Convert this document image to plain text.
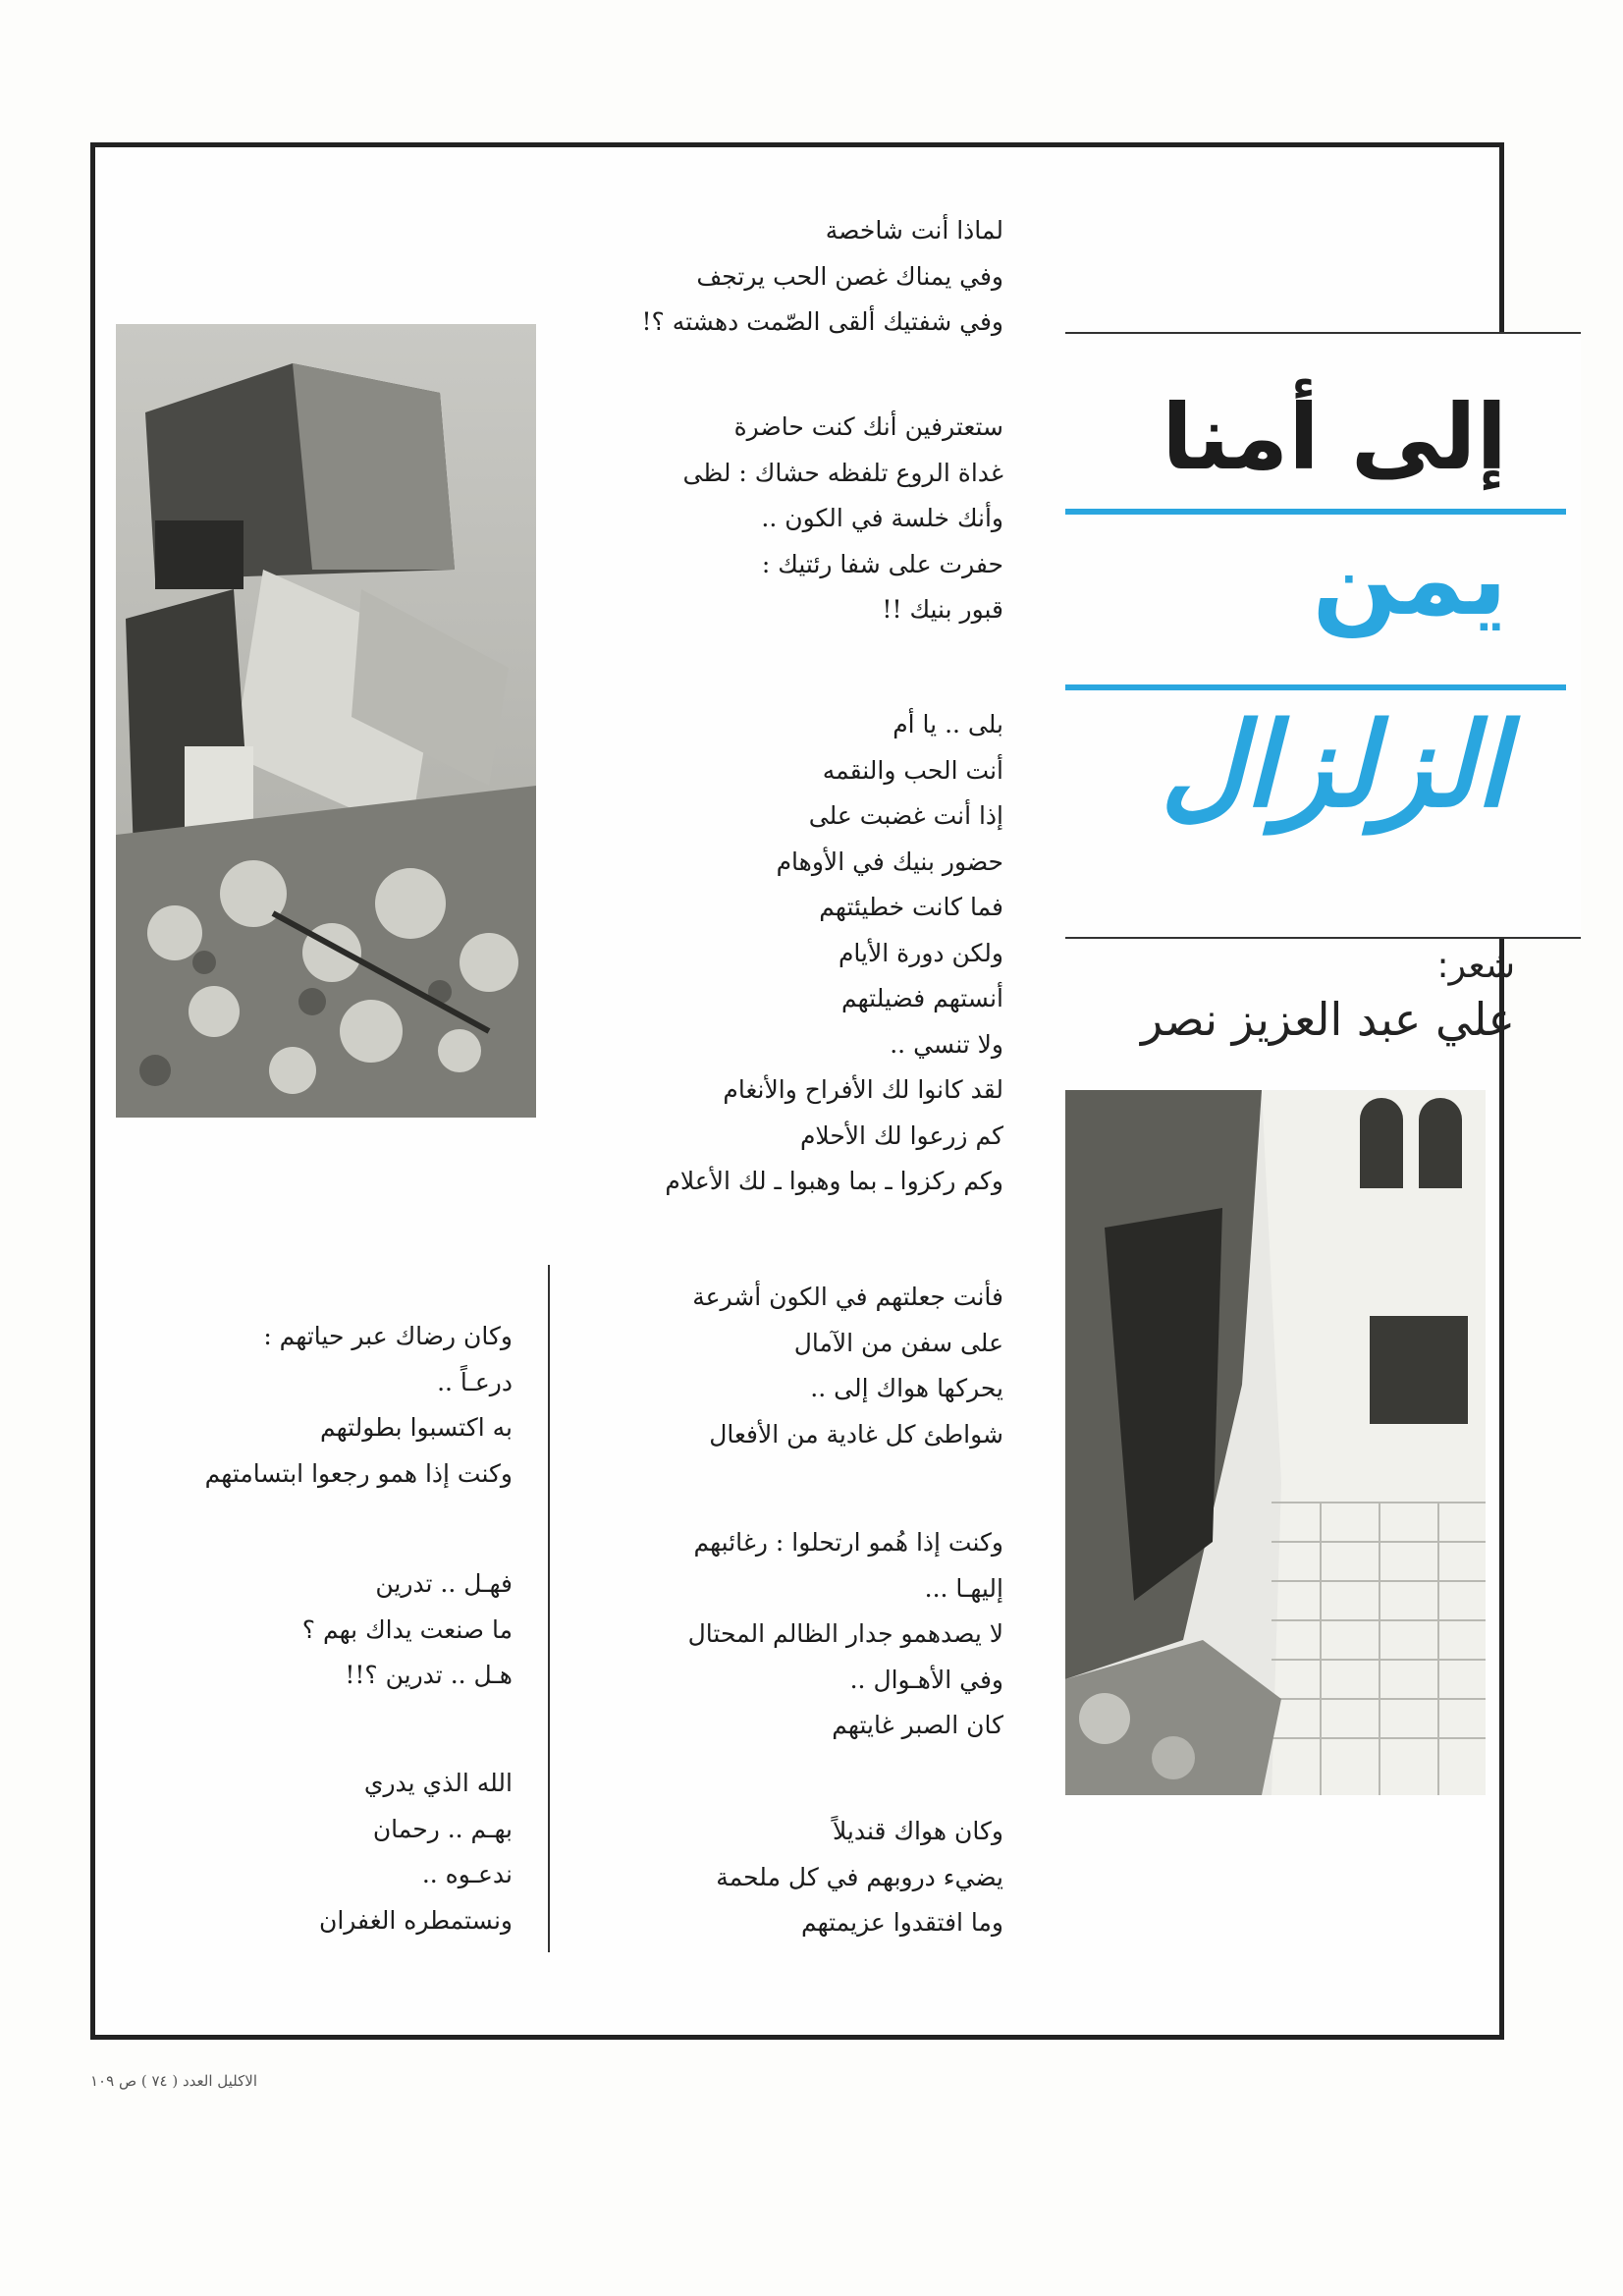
إلى أمنا
يمن
الزلزال
شعر:
علي عبد العزيز نصر
لماذا أنت شاخصة
وفي يمناك غصن الحب يرتجف
وفي شفتيك ألقى الصّمت دهشته ؟!
ستعترفين أنك كنت حاضرة
غداة الروع تلفظه حشاك : لظى
وأنك خلسة في الكون ..
حفرت على شفا رئتيك :
قبور بنيك !!
بلى .. يا أم
أنت الحب والنقمه
إذا أنت غضبت على
حضور بنيك في الأوهام
فما كانت خطيئتهم
ولكن دورة الأيام
أنستهم فضيلتهم
ولا تنسي ..
لقد كانوا لك الأفراح والأنغام
كم زرعوا لك الأحلام
وكم ركزوا ـ بما وهبوا ـ لك الأعلام
فأنت جعلتهم في الكون أشرعة
على سفن من الآمال
يحركها هواك إلى ..
شواطئ كل غادية من الأفعال
وكنت إذا هُمو ارتحلوا : رغائبهم
إليهـا ...
لا يصدهمو جدار الظالم المحتال
وفي الأهـوال ..
كان الصبر غايتهم
وكان هواك قنديلاً
يضيء دروبهم في كل ملحمة
وما افتقدوا عزيمتهم
وكان رضاك عبر حياتهم :
درعـاً ..
به اكتسبوا بطولتهم
وكنت إذا همو رجعوا ابتسامتهم
فهـل .. تدرين
ما صنعت يداك بهم ؟
هـل .. تدرين ؟!!
الله الذي يدري
بهـم .. رحمان
ندعـوه ..
ونستمطره الغفران
الاكليل العدد ( ٧٤ ) ص ١٠٩
